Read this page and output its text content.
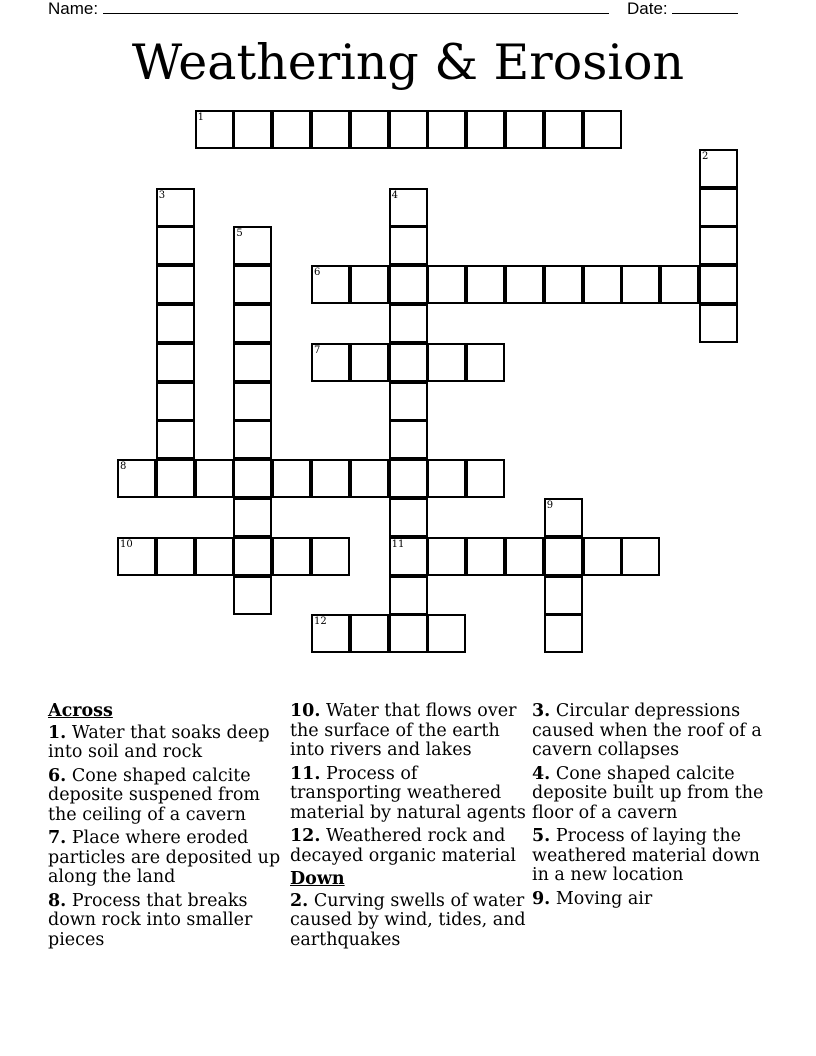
Name:	Date:
Weathering & Erosion
1
2
3	4
11
5
6
7
8
9
10
12
Across
1. Water that soaks deep into soil and rock
6. Cone shaped calcite deposite suspened from the ceiling of a cavern
7. Place where eroded particles are deposited up along the land
8. Process that breaks down rock into smaller pieces
10. Water that flows over the surface of the earth into rivers and lakes
11. Process of transporting weathered material by natural agents
12. Weathered rock and decayed organic material
Down
2. Curving swells of water caused by wind, tides, and earthquakes
3. Circular depressions caused when the roof of a cavern collapses
4. Cone shaped calcite deposite built up from the floor of a cavern
5. Process of laying the weathered material down in a new location
9. Moving air
